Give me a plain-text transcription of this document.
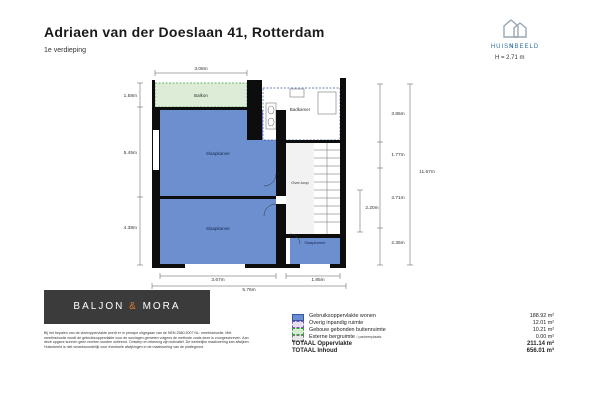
Adriaen van der Doeslaan 41, Rotterdam
1e verdieping	HUISNBEELD
H = 2.71 m
Balkon
Badkamer
Slaapkamer
Slaapkamer
Slaapkamer
Over-loop
3.08m
1.58m
5.45m
4.38m
3.86m
1.77m
3.71m
2.35m
2.20m
11.67m
3.67m	1.85m
5.76m
BALJON & MORA
Bij het bepalen van de vloeroppervlakte wordt er in principe uitgegaan van de NEN 2580:2007 NL: meetinstructie. Met meetinstructie wordt de gebruiksoppervlakte voor de woningen gemeten volgens de methode zoals deze is voorgeschreven. Aan deze opgave kunnen geen rechten worden ontleend. Ontwerp en tekening zijn indicatief. De werkelijke maatvoering kan afwijken. Huisnbeeld is niet verantwoordelijk voor eventuele afwijkingen in de maatvoering van de plattegrond.
Gebruiksoppervlakte wonen	188.92 m²
Overig inpandig ruimte	12.01 m²
Gebouw gebonden buitenruimte	10.21 m²
Externe bergruimte / parkeerplaats	0.00 m²
TOTAAL Oppervlakte	211.14 m²
TOTAAL Inhoud	656.01 m³
